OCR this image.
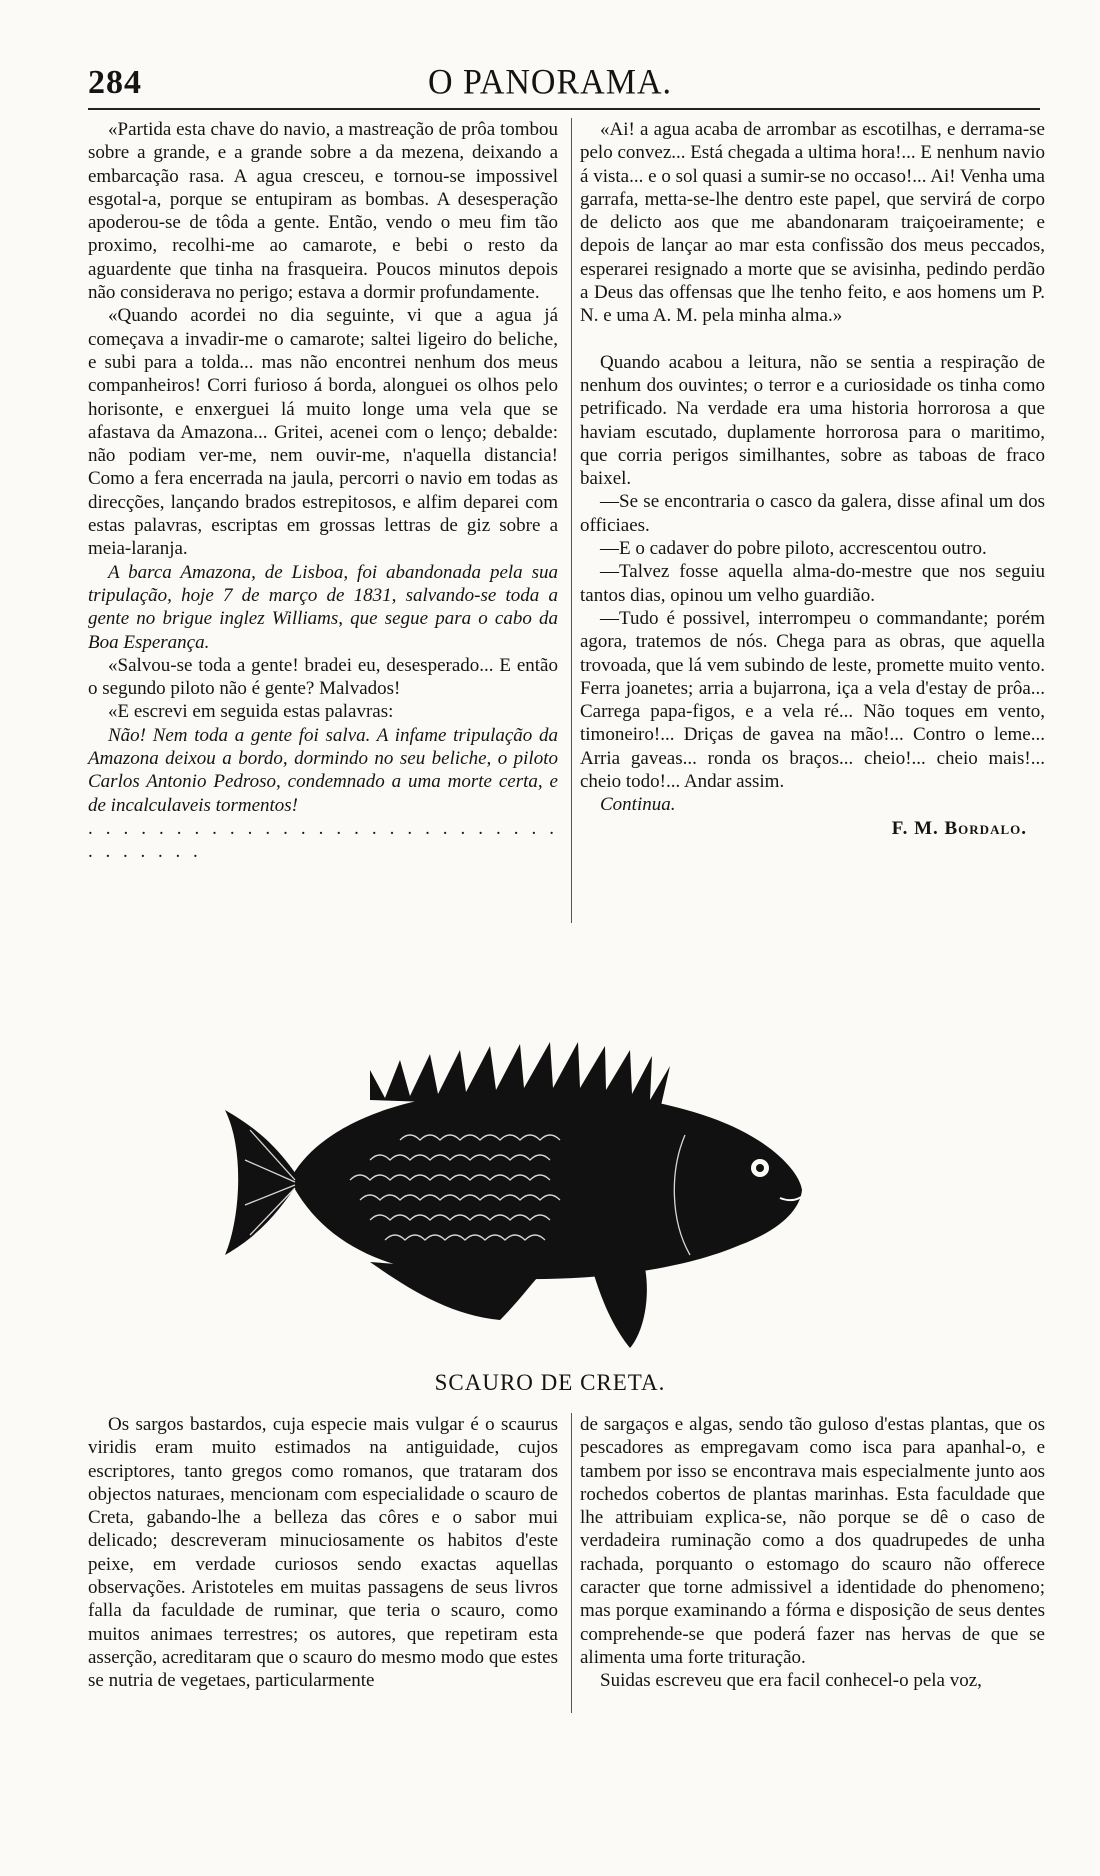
284	O PANORAMA.

«Partida esta chave do navio, a mastreação de prôa tombou sobre a grande, e a grande sobre a da mezena, deixando a embarcação rasa. A agua cresceu, e tornou-se impossivel esgotal-a, porque se entupiram as bombas. A desesperação apoderou-se de tôda a gente. Então, vendo o meu fim tão proximo, recolhi-me ao camarote, e bebi o resto da aguardente que tinha na frasqueira. Poucos minutos depois não considerava no perigo; estava a dormir profundamente.

«Quando acordei no dia seguinte, vi que a agua já começava a invadir-me o camarote; saltei ligeiro do beliche, e subi para a tolda... mas não encontrei nenhum dos meus companheiros! Corri furioso á borda, alonguei os olhos pelo horisonte, e enxerguei lá muito longe uma vela que se afastava da Amazona... Gritei, acenei com o lenço; debalde: não podiam ver-me, nem ouvir-me, n'aquella distancia! Como a fera encerrada na jaula, percorri o navio em todas as direcções, lançando brados estrepitosos, e alfim deparei com estas palavras, escriptas em grossas lettras de giz sobre a meia-laranja.

A barca Amazona, de Lisboa, foi abandonada pela sua tripulação, hoje 7 de março de 1831, salvando-se toda a gente no brigue inglez Williams, que segue para o cabo da Boa Esperança.

«Salvou-se toda a gente! bradei eu, desesperado... E então o segundo piloto não é gente? Malvados!

«E escrevi em seguida estas palavras:

Não! Nem toda a gente foi salva. A infame tripulação da Amazona deixou a bordo, dormindo no seu beliche, o piloto Carlos Antonio Pedroso, condemnado a uma morte certa, e de incalculaveis tormentos!

. . . . . . . . . . . . . . . . . . . . . . . . . . . . . . . . . .

«Ai! a agua acaba de arrombar as escotilhas, e derrama-se pelo convez... Está chegada a ultima hora!... E nenhum navio á vista... e o sol quasi a sumir-se no occaso!... Ai! Venha uma garrafa, metta-se-lhe dentro este papel, que servirá de corpo de delicto aos que me abandonaram traiçoeiramente; e depois de lançar ao mar esta confissão dos meus peccados, esperarei resignado a morte que se avisinha, pedindo perdão a Deus das offensas que lhe tenho feito, e aos homens um P. N. e uma A. M. pela minha alma.»

Quando acabou a leitura, não se sentia a respiração de nenhum dos ouvintes; o terror e a curiosidade os tinha como petrificado. Na verdade era uma historia horrorosa a que haviam escutado, duplamente horrorosa para o maritimo, que corria perigos similhantes, sobre as taboas de fraco baixel.

—Se se encontraria o casco da galera, disse afinal um dos officiaes.

—E o cadaver do pobre piloto, accrescentou outro.

—Talvez fosse aquella alma-do-mestre que nos seguiu tantos dias, opinou um velho guardião.

—Tudo é possivel, interrompeu o commandante; porém agora, tratemos de nós. Chega para as obras, que aquella trovoada, que lá vem subindo de leste, promette muito vento. Ferra joanetes; arria a bujarrona, iça a vela d'estay de prôa... Carrega papa-figos, e a vela ré... Não toques em vento, timoneiro!... Driças de gavea na mão!... Contro o leme... Arria gaveas... ronda os braços... cheio!... cheio mais!... cheio todo!... Andar assim.

Continua.

F. M. Bordalo.

SCAURO DE CRETA.

Os sargos bastardos, cuja especie mais vulgar é o scaurus viridis eram muito estimados na antiguidade, cujos escriptores, tanto gregos como romanos, que trataram dos objectos naturaes, mencionam com especialidade o scauro de Creta, gabando-lhe a belleza das côres e o sabor mui delicado; descreveram minuciosamente os habitos d'este peixe, em verdade curiosos sendo exactas aquellas observações. Aristoteles em muitas passagens de seus livros falla da faculdade de ruminar, que teria o scauro, como muitos animaes terrestres; os autores, que repetiram esta asserção, acreditaram que o scauro do mesmo modo que estes se nutria de vegetaes, particularmente

de sargaços e algas, sendo tão guloso d'estas plantas, que os pescadores as empregavam como isca para apanhal-o, e tambem por isso se encontrava mais especialmente junto aos rochedos cobertos de plantas marinhas. Esta faculdade que lhe attribuiam explica-se, não porque se dê o caso de verdadeira ruminação como a dos quadrupedes de unha rachada, porquanto o estomago do scauro não offerece caracter que torne admissivel a identidade do phenomeno; mas porque examinando a fórma e disposição de seus dentes comprehende-se que poderá fazer nas hervas de que se alimenta uma forte trituração.

Suidas escreveu que era facil conhecel-o pela voz,
